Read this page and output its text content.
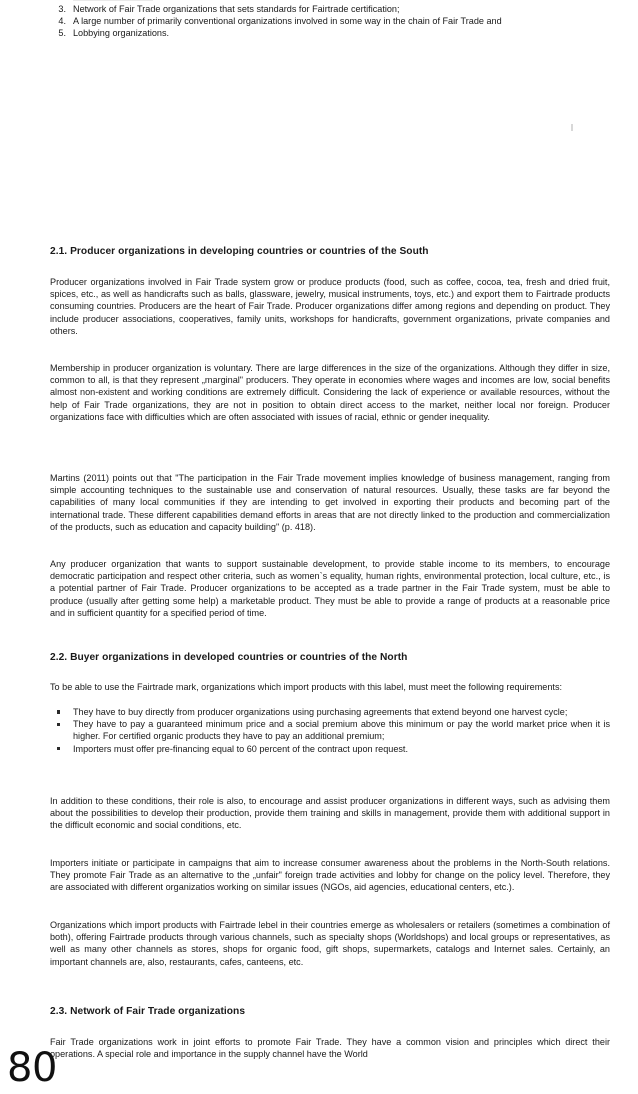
3. Network of Fair Trade organizations that sets standards for Fairtrade certification;
4. A large number of primarily conventional organizations involved in some way in the chain of Fair Trade and
5. Lobbying organizations.
2.1. Producer organizations in developing countries or countries of the South

Producer organizations involved in Fair Trade system grow or produce products (food, such as coffee, cocoa, tea, fresh and dried fruit, spices, etc., as well as handicrafts such as balls, glassware, jewelry, musical instruments, toys, etc.) and export them to Fairtrade products consuming countries. Producers are the heart of Fair Trade. Producer organizations differ among regions and depending on product. They include producer associations, cooperatives, family units, workshops for handicrafts, government organizations, private companies and others.

Membership in producer organization is voluntary. There are large differences in the size of the organizations. Although they differ in size, common to all, is that they represent „marginal" producers. They operate in economies where wages and incomes are low, social benefits almost non-existent and working conditions are extremely difficult. Considering the lack of experience or available resources, without the help of Fair Trade organizations, they are not in position to obtain direct access to the market, neither local nor foreign. Producer organizations face with difficulties which are often associated with issues of racial, ethnic or gender inequality.

Martins (2011) points out that "The participation in the Fair Trade movement implies knowledge of business management, ranging from simple accounting techniques to the sustainable use and conservation of natural resources. Usually, these tasks are far beyond the capabilities of many local communities if they are intending to get involved in exporting their products and becoming part of the international trade. These different capabilities demand efforts in areas that are not directly linked to the production and commercialization of the products, such as education and capacity building" (p. 418).

Any producer organization that wants to support sustainable development, to provide stable income to its members, to encourage democratic participation and respect other criteria, such as women`s equality, human rights, environmental protection, local culture, etc., is a potential partner of Fair Trade. Producer organizations to be accepted as a trade partner in the Fair Trade system, must be able to produce (usually after getting some help) a marketable product. They must be able to provide a range of products at a reasonable price and in sufficient quantity for a specified period of time.

2.2. Buyer organizations in developed countries or countries of the North

To be able to use the Fairtrade mark, organizations which import products with this label, must meet the following requirements:

They have to buy directly from producer organizations using purchasing agreements that extend beyond one harvest cycle;
They have to pay a guaranteed minimum price and a social premium above this minimum or pay the world market price when it is higher. For certified organic products they have to pay an additional premium;
Importers must offer pre-financing equal to 60 percent of the contract upon request.

In addition to these conditions, their role is also, to encourage and assist producer organizations in different ways, such as advising them about the possibilities to develop their production, provide them training and skills in management, provide them with additional support in the difficult economic and social conditions, etc.

Importers initiate or participate in campaigns that aim to increase consumer awareness about the problems in the North-South relations. They promote Fair Trade as an alternative to the „unfair" foreign trade activities and lobby for change on the policy level. Therefore, they are associated with different organizatios working on similar issues (NGOs, aid agencies, educational centers, etc.).

Organizations which import products with Fairtrade lebel in their countries emerge as wholesalers or retailers (sometimes a combination of both), offering Fairtrade products through various channels, such as specialty shops (Worldshops) and local groups or representatives, as well as many other channels as stores, shops for organic food, gift shops, supermarkets, catalogs and Internet sales. Certainly, an important channels are, also, restaurants, cafes, canteens, etc.

2.3. Network of Fair Trade organizations

Fair Trade organizations work in joint efforts to promote Fair Trade. They have a common vision and principles which direct their operations. A special role and importance in the supply channel have the World

80
